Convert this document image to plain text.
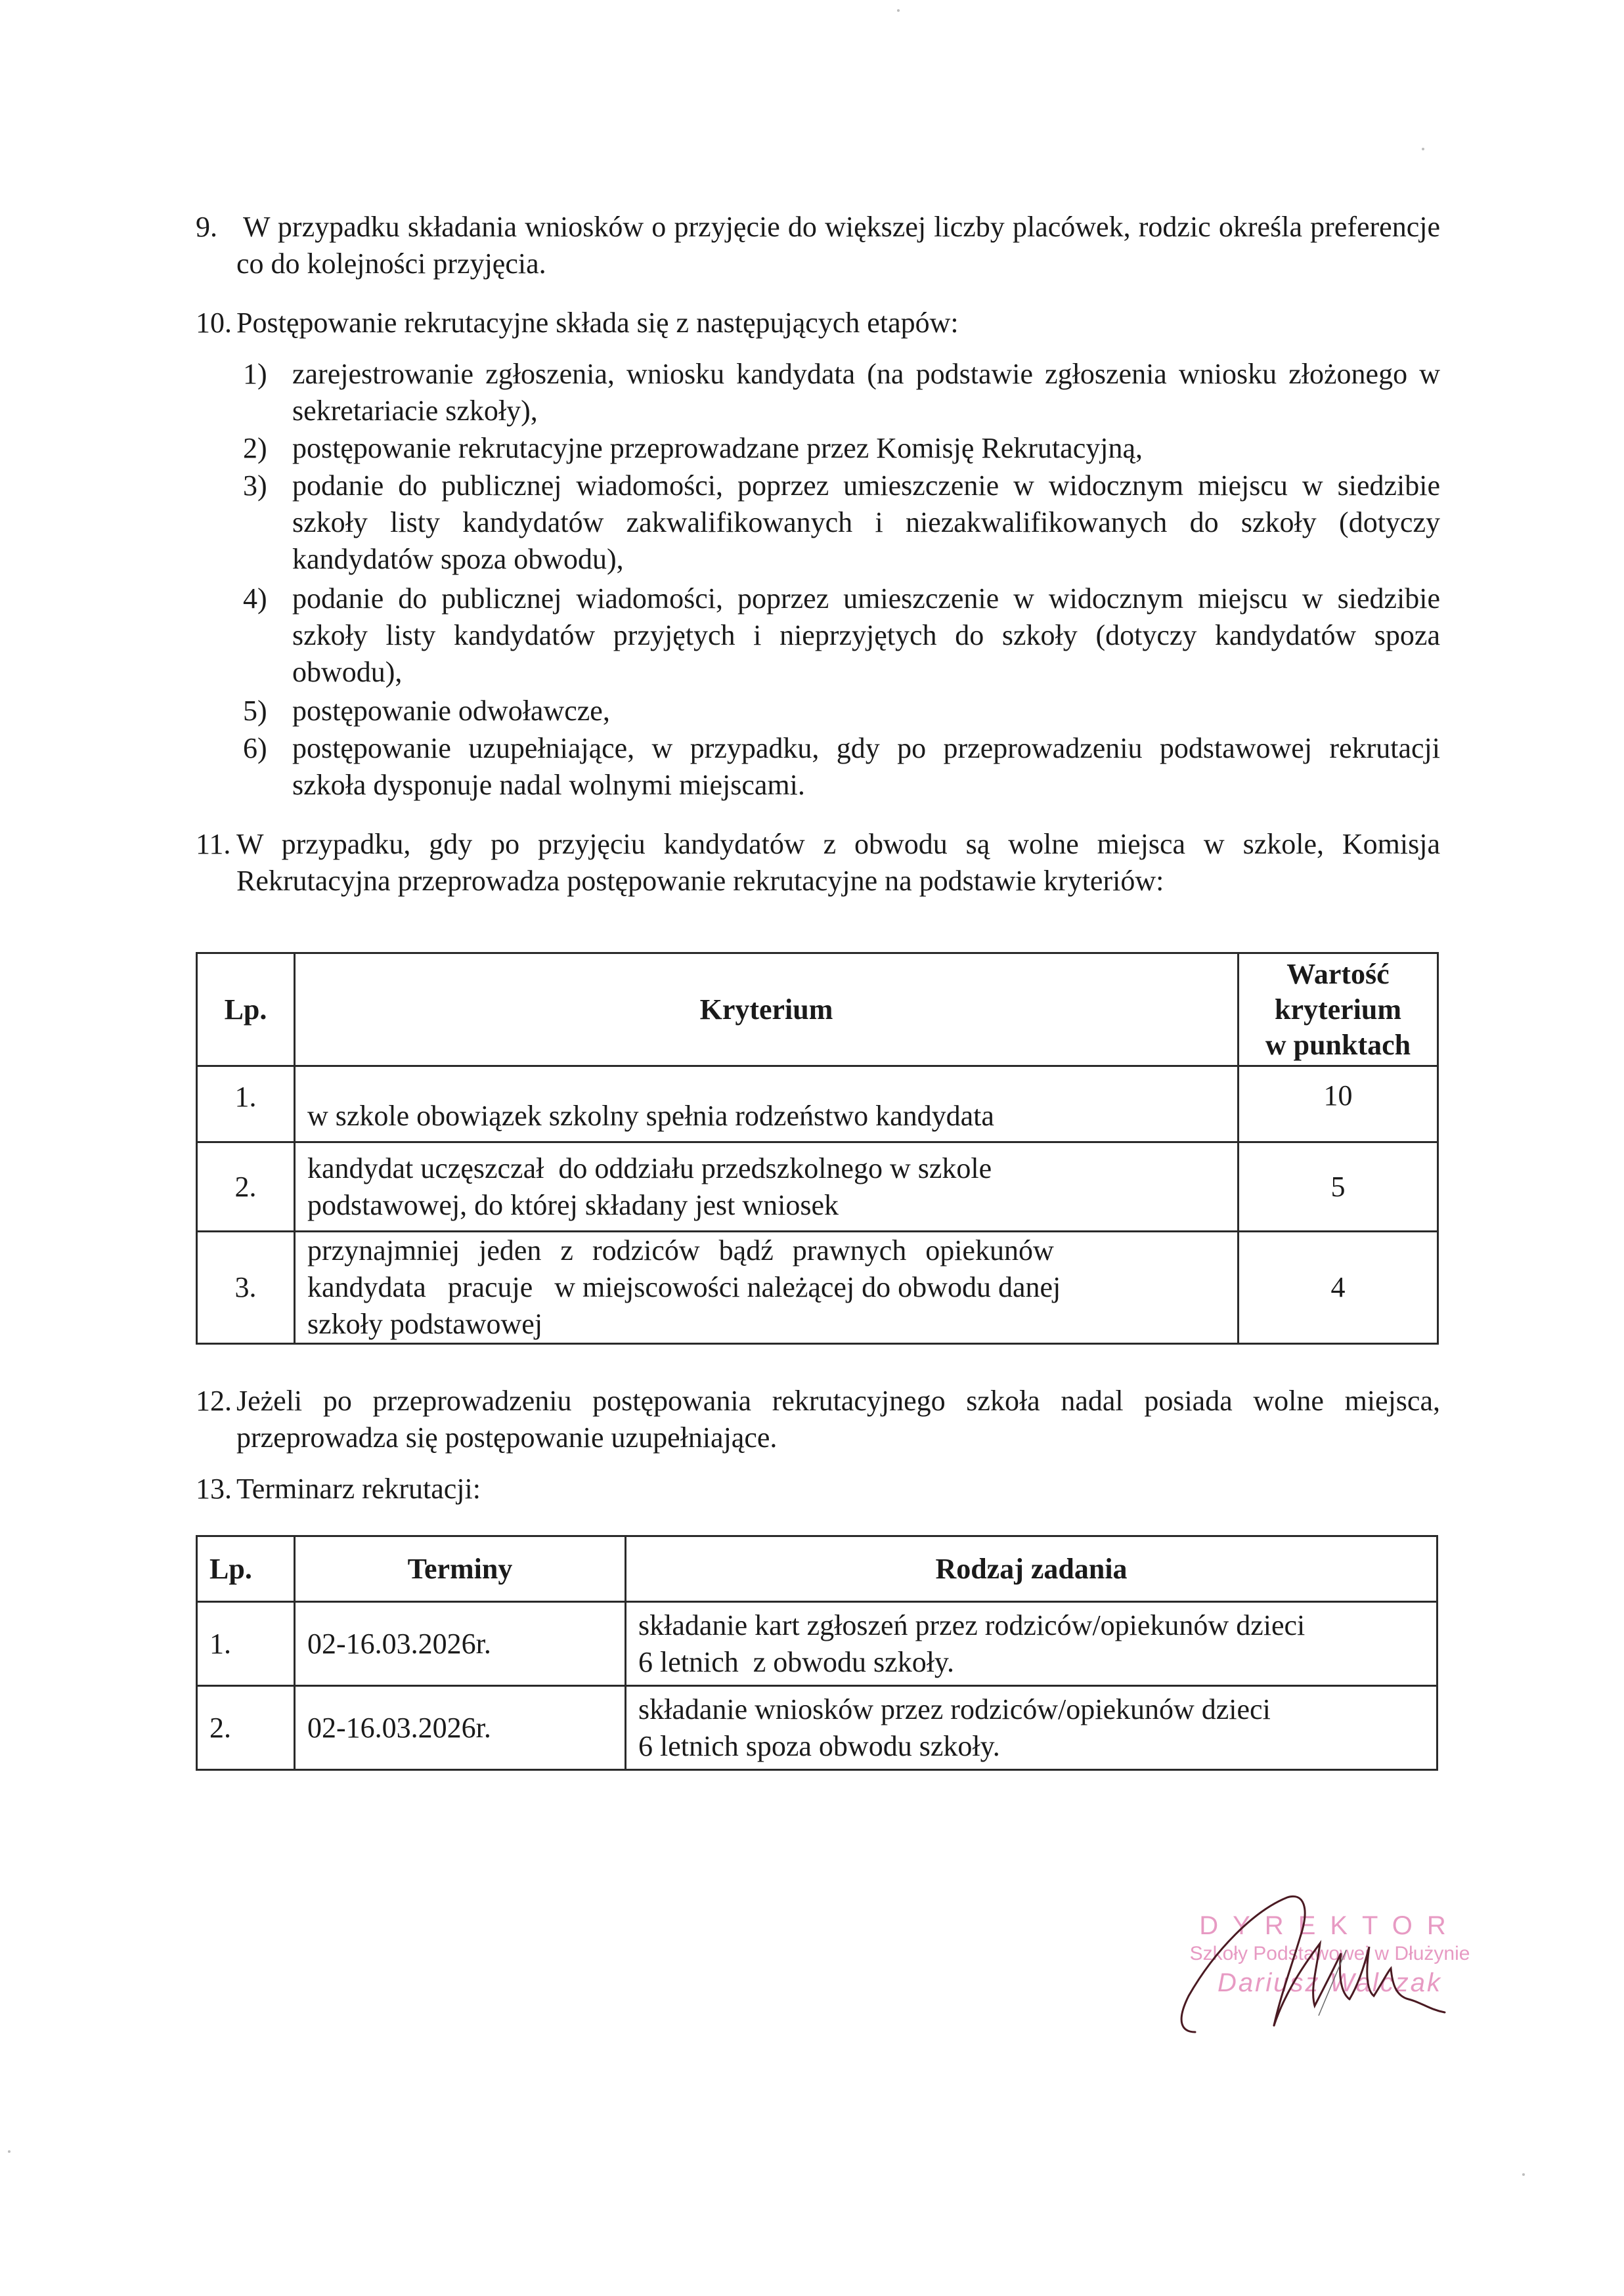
9. W przypadku składania wniosków o przyjęcie do większej liczby placówek, rodzic określa preferencje co do kolejności przyjęcia.
10. Postępowanie rekrutacyjne składa się z następujących etapów:
1) zarejestrowanie zgłoszenia, wniosku kandydata (na podstawie zgłoszenia wniosku złożonego w sekretariacie szkoły),
2) postępowanie rekrutacyjne przeprowadzane przez Komisję Rekrutacyjną,
3) podanie do publicznej wiadomości, poprzez umieszczenie w widocznym miejscu w siedzibie szkoły listy kandydatów zakwalifikowanych i niezakwalifikowanych do szkoły (dotyczy kandydatów spoza obwodu),
4) podanie do publicznej wiadomości, poprzez umieszczenie w widocznym miejscu w siedzibie szkoły listy kandydatów przyjętych i nieprzyjętych do szkoły (dotyczy kandydatów spoza obwodu),
5) postępowanie odwoławcze,
6) postępowanie uzupełniające, w przypadku, gdy po przeprowadzeniu podstawowej rekrutacji szkoła dysponuje nadal wolnymi miejscami.
11. W przypadku, gdy po przyjęciu kandydatów z obwodu są wolne miejsca w szkole, Komisja Rekrutacyjna przeprowadza postępowanie rekrutacyjne na podstawie kryteriów:
Lp.	Kryterium	Wartość
kryterium
w punktach

1.	w szkole obowiązek szkolny spełnia rodzeństwo kandydata	10
2.	kandydat uczęszczał  do oddziału przedszkolnego w szkole
podstawowej, do której składany jest wniosek	5
3.	przynajmniej jeden z rodziców bądź prawnych opiekunów
kandydata   pracuje   w miejscowości należącej do obwodu danej
szkoły podstawowej	4
12. Jeżeli po przeprowadzeniu postępowania rekrutacyjnego szkoła nadal posiada wolne miejsca, przeprowadza się postępowanie uzupełniające.
13. Terminarz rekrutacji:
Lp.	Terminy	Rodzaj zadania
1.	02-16.03.2026r.	składanie kart zgłoszeń przez rodziców/opiekunów dzieci
6 letnich  z obwodu szkoły.

2.	02-16.03.2026r.	składanie wniosków przez rodziców/opiekunów dzieci
6 letnich spoza obwodu szkoły.
DYREKTOR
Szkoły Podstawowej w Dłużynie
Dariusz Walczak
